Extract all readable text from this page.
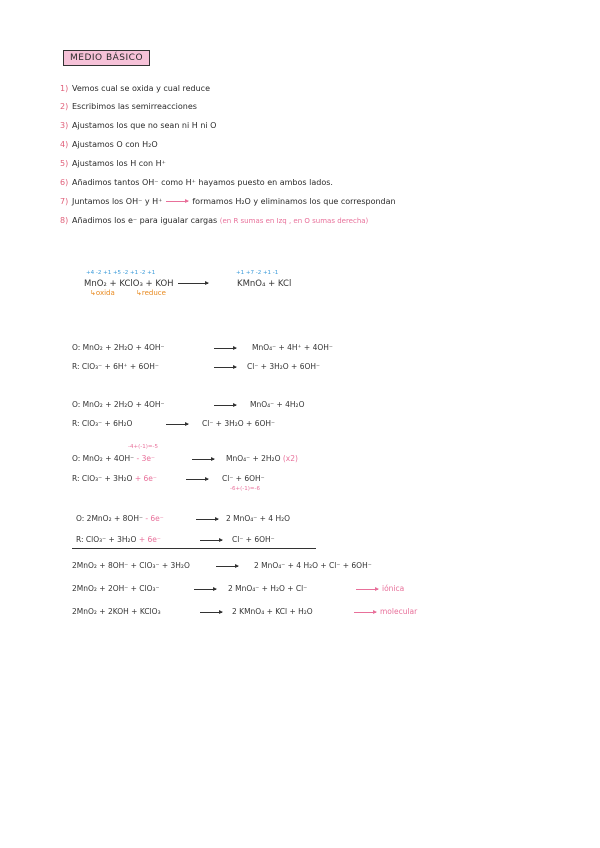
MEDIO BÁSICO
1) Vemos cual se oxida y cual reduce
2) Escribimos las semirreacciones
3) Ajustamos los que no sean ni H ni O
4) Ajustamos O con H₂O
5) Ajustamos los H con H⁺
6) Añadimos tantos OH⁻ como H⁺ hayamos puesto en ambos lados.
7) Juntamos los OH⁻ y H⁺	formamos H₂O y eliminamos los que correspondan
8) Añadimos los e⁻ para igualar cargas (en R sumas en Izq , en O sumas derecha)
+4 -2 +1 +5 -2 +1 -2 +1	+1 +7 -2 +1 -1
MnO₂ + KClO₃ + KOH	KMnO₄ + KCl
↳oxida	↳reduce
O: MnO₂ + 2H₂O + 4OH⁻	MnO₄⁻ + 4H⁺ + 4OH⁻
R: ClO₃⁻ + 6H⁺ + 6OH⁻	Cl⁻ + 3H₂O + 6OH⁻
O: MnO₂ + 2H₂O + 4OH⁻	MnO₄⁻ + 4H₂O
R: ClO₃⁻ + 6H₂O	Cl⁻ + 3H₂O + 6OH⁻
-4+(-1)=-5
O: MnO₂ + 4OH⁻ - 3e⁻	MnO₄⁻ + 2H₂O (x2)
R: ClO₃⁻ + 3H₂O + 6e⁻	Cl⁻ + 6OH⁻
-6+(-1)=-6
O: 2MnO₂ + 8OH⁻ - 6e⁻	2 MnO₄⁻ + 4 H₂O
R: ClO₃⁻ + 3H₂O + 6e⁻	Cl⁻ + 6OH⁻
2MnO₂ + 8OH⁻ + ClO₃⁻ + 3H₂O	2 MnO₄⁻ + 4 H₂O + Cl⁻ + 6OH⁻
2MnO₂ + 2OH⁻ + ClO₃⁻	2 MnO₄⁻ + H₂O + Cl⁻	iónica
2MnO₂ + 2KOH + KClO₃	2 KMnO₄ + KCl + H₂O	molecular
